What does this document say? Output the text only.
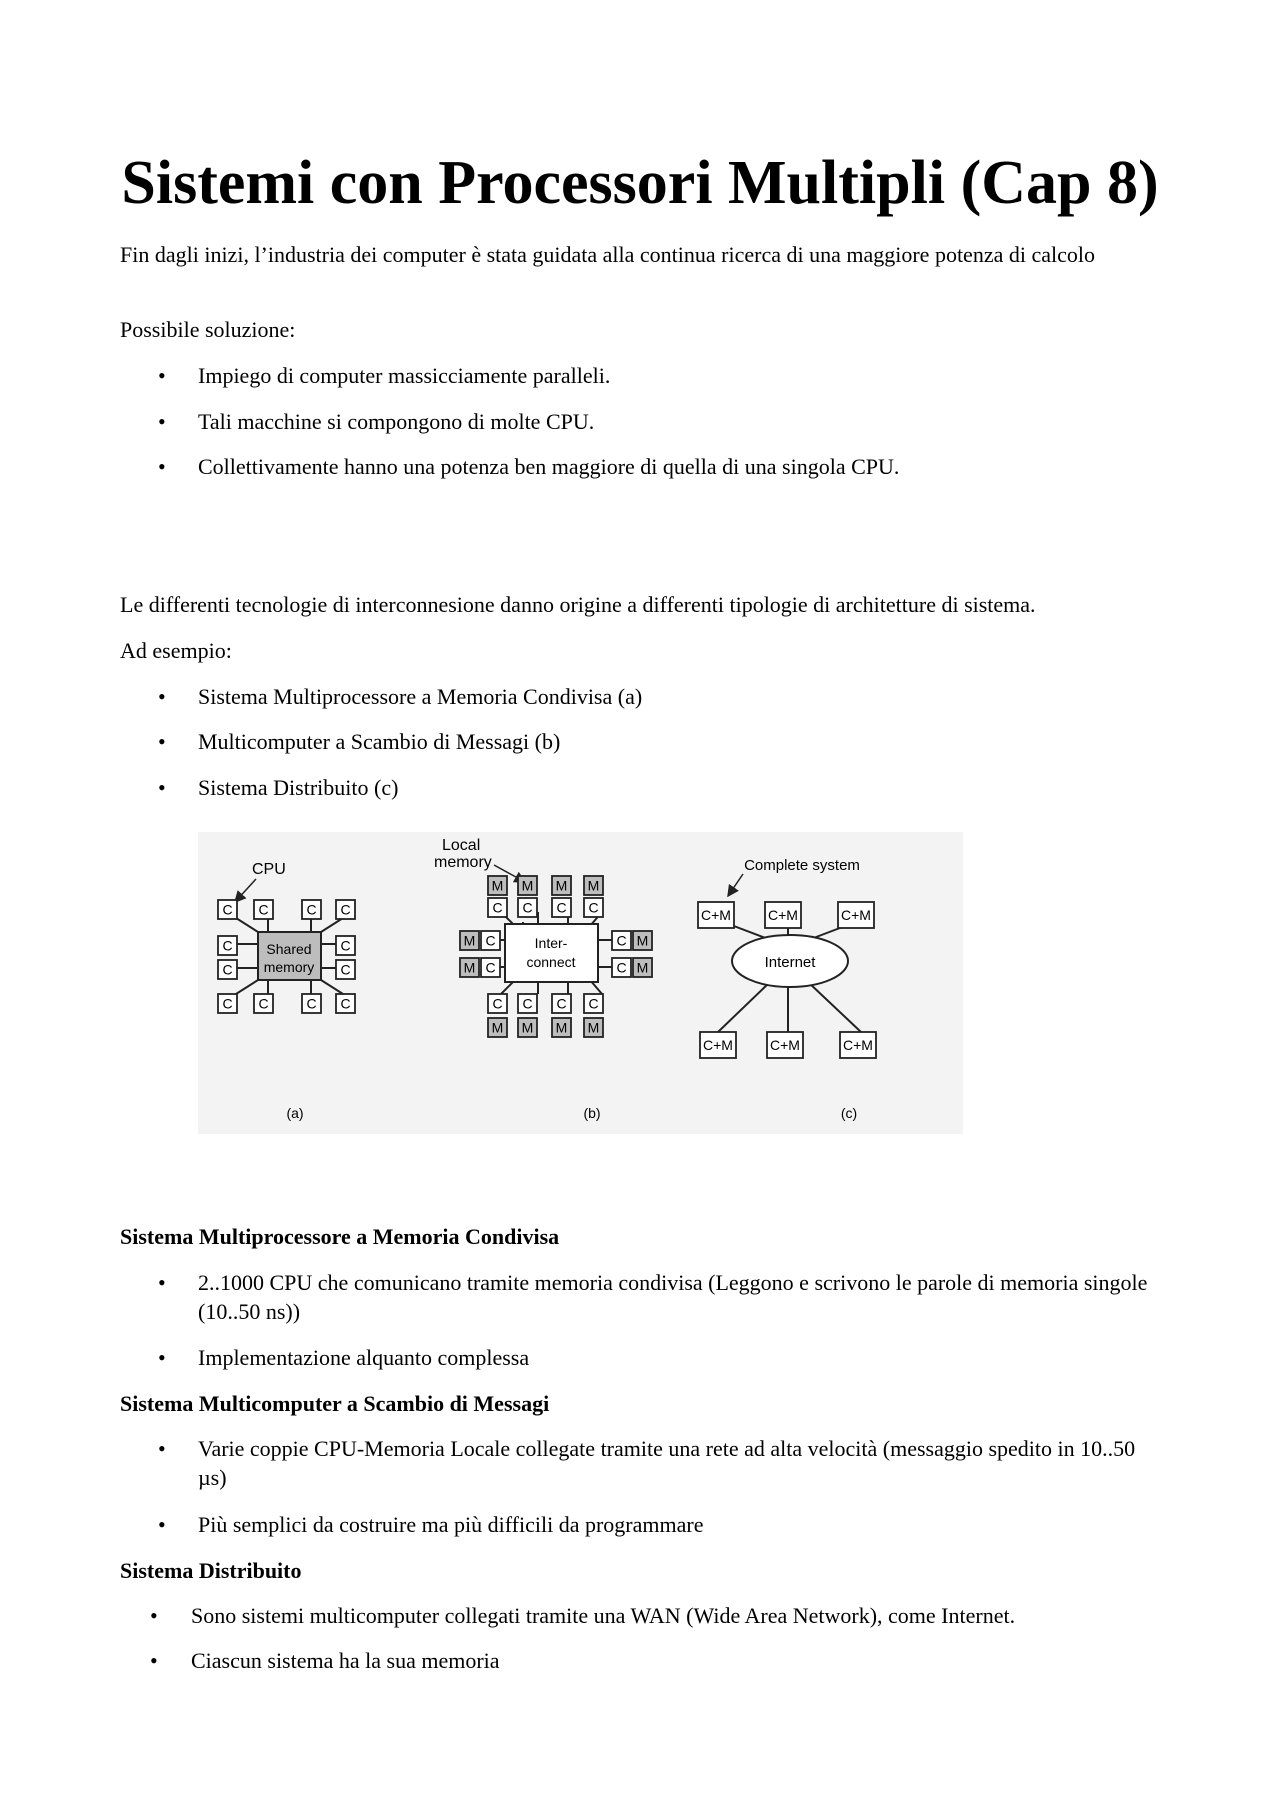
Sistemi con Processori Multipli (Cap 8)

Fin dagli inizi, l’industria dei computer è stata guidata alla continua ricerca di una maggiore potenza di calcolo

Possibile soluzione:

• Impiego di computer massicciamente paralleli.

• Tali macchine si compongono di molte CPU.

• Collettivamente hanno una potenza ben maggiore di quella di una singola CPU.

Le differenti tecnologie di interconnesione danno origine a differenti tipologie di architetture di sistema.

Ad esempio:

• Sistema Multiprocessore a Memoria Condivisa (a)

• Multicomputer a Scambio di Messagi (b)

• Sistema Distribuito (c)

CPU
Shared
memory
C C	C C
C	C
C	C
C C	C C
(a)
Local
memory
Inter-
connect
M
C
M
C
M
C
M
C
C
M
C
M
C
M
C
M
M C
M C
C M
C M
(b)
Complete system
Internet
C+M	C+M	C+M
C+M	C+M	C+M
(c)

Sistema Multiprocessore a Memoria Condivisa

• 2..1000 CPU che comunicano tramite memoria condivisa (Leggono e scrivono le parole di memoria singole (10..50 ns))

• Implementazione alquanto complessa

Sistema Multicomputer a Scambio di Messagi

• Varie coppie CPU-Memoria Locale collegate tramite una rete ad alta velocità (messaggio spedito in 10..50 µs)

• Più semplici da costruire ma più difficili da programmare

Sistema Distribuito

• Sono sistemi multicomputer collegati tramite una WAN (Wide Area Network), come Internet.

• Ciascun sistema ha la sua memoria
